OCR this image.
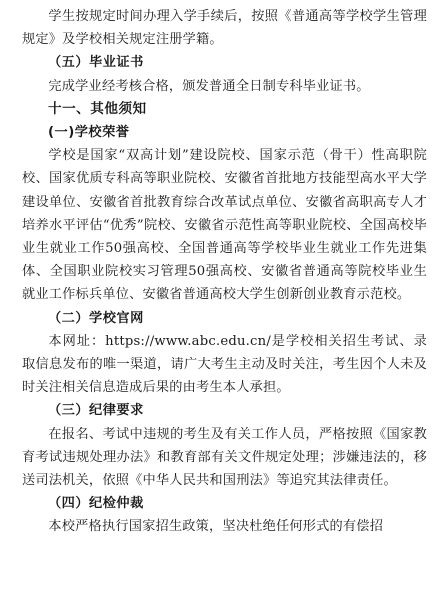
学生按规定时间办理入学手续后，按照《普通高等学校学生管理规定》及学校相关规定注册学籍。

（五）毕业证书

完成学业经考核合格，颁发普通全日制专科毕业证书。

十一、其他须知

(一)学校荣誉

学校是国家“双高计划”建设院校、国家示范（骨干）性高职院校、国家优质专科高等职业院校、安徽省首批地方技能型高水平大学建设单位、安徽省首批教育综合改革试点单位、安徽省高职高专人才培养水平评估“优秀”院校、安徽省示范性高等职业院校、全国高校毕业生就业工作50强高校、全国普通高等学校毕业生就业工作先进集体、全国职业院校实习管理50强高校、安徽省普通高等院校毕业生就业工作标兵单位、安徽省普通高校大学生创新创业教育示范校。

（二）学校官网

本网址：https://www.abc.edu.cn/是学校相关招生考试、录取信息发布的唯一渠道，请广大考生主动及时关注，考生因个人未及时关注相关信息造成后果的由考生本人承担。

（三）纪律要求

在报名、考试中违规的考生及有关工作人员，严格按照《国家教育考试违规处理办法》和教育部有关文件规定处理；涉嫌违法的，移送司法机关，依照《中华人民共和国刑法》等追究其法律责任。

（四）纪检仲裁

本校严格执行国家招生政策，坚决杜绝任何形式的有偿招
